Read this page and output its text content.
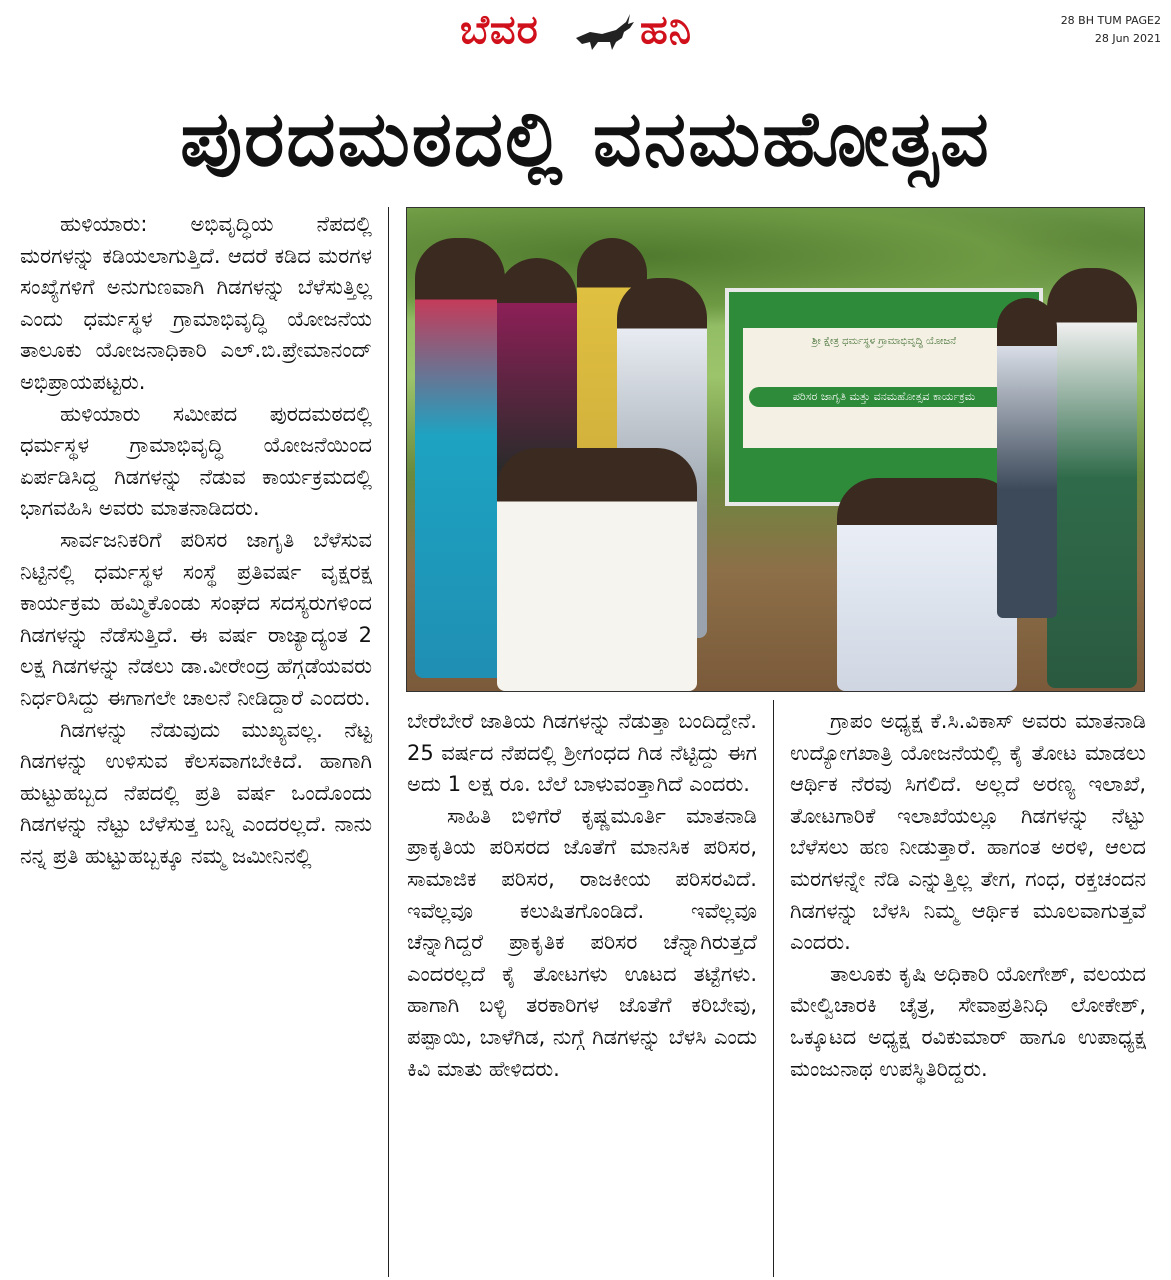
ಬೆವರ	ಹನಿ	28 BH TUM PAGE2
28 Jun 2021
ಪುರದಮಠದಲ್ಲಿ ವನಮಹೋತ್ಸವ

ಹುಳಿಯಾರು: ಅಭಿವೃದ್ಧಿಯ ನೆಪದಲ್ಲಿ ಮರಗಳನ್ನು ಕಡಿಯಲಾಗುತ್ತಿದೆ. ಆದರೆ ಕಡಿದ ಮರಗಳ ಸಂಖ್ಯೆಗಳಿಗೆ ಅನುಗುಣವಾಗಿ ಗಿಡಗಳನ್ನು ಬೆಳೆಸುತ್ತಿಲ್ಲ ಎಂದು ಧರ್ಮಸ್ಥಳ ಗ್ರಾಮಾಭಿವೃದ್ಧಿ ಯೋಜನೆಯ ತಾಲೂಕು ಯೋಜನಾಧಿಕಾರಿ ಎಲ್.ಬಿ.ಪ್ರೇಮಾನಂದ್ ಅಭಿಪ್ರಾಯಪಟ್ಟರು.

ಹುಳಿಯಾರು ಸಮೀಪದ ಪುರದಮಠದಲ್ಲಿ ಧರ್ಮಸ್ಥಳ ಗ್ರಾಮಾಭಿವೃದ್ಧಿ ಯೋಜನೆಯಿಂದ ಏರ್ಪಡಿಸಿದ್ದ ಗಿಡಗಳನ್ನು ನೆಡುವ ಕಾರ್ಯಕ್ರಮದಲ್ಲಿ ಭಾಗವಹಿಸಿ ಅವರು ಮಾತನಾಡಿದರು.

ಸಾರ್ವಜನಿಕರಿಗೆ ಪರಿಸರ ಜಾಗೃತಿ ಬೆಳೆಸುವ ನಿಟ್ಟಿನಲ್ಲಿ ಧರ್ಮಸ್ಥಳ ಸಂಸ್ಥೆ ಪ್ರತಿವರ್ಷ ವೃಕ್ಷರಕ್ಷ ಕಾರ್ಯಕ್ರಮ ಹಮ್ಮಿಕೊಂಡು ಸಂಘದ ಸದಸ್ಯರುಗಳಿಂದ ಗಿಡಗಳನ್ನು ನೆಡೆಸುತ್ತಿದೆ. ಈ ವರ್ಷ ರಾಜ್ಯಾದ್ಯಂತ 2 ಲಕ್ಷ ಗಿಡಗಳನ್ನು ನೆಡಲು ಡಾ.ವೀರೇಂದ್ರ ಹೆಗ್ಗಡೆಯವರು ನಿರ್ಧರಿಸಿದ್ದು ಈಗಾಗಲೇ ಚಾಲನೆ ನೀಡಿದ್ದಾರೆ ಎಂದರು.

ಗಿಡಗಳನ್ನು ನೆಡುವುದು ಮುಖ್ಯವಲ್ಲ. ನೆಟ್ಟ ಗಿಡಗಳನ್ನು ಉಳಿಸುವ ಕೆಲಸವಾಗಬೇಕಿದೆ. ಹಾಗಾಗಿ ಹುಟ್ಟುಹಬ್ಬದ ನೆಪದಲ್ಲಿ ಪ್ರತಿ ವರ್ಷ ಒಂದೊಂದು ಗಿಡಗಳನ್ನು ನೆಟ್ಟು ಬೆಳೆಸುತ್ತ ಬನ್ನಿ ಎಂದರಲ್ಲದೆ. ನಾನು ನನ್ನ ಪ್ರತಿ ಹುಟ್ಟುಹಬ್ಬಕ್ಕೂ ನಮ್ಮ ಜಮೀನಿನಲ್ಲಿ

ಶ್ರೀ ಕ್ಷೇತ್ರ ಧರ್ಮಸ್ಥಳ ಗ್ರಾಮಾಭಿವೃದ್ಧಿ ಯೋಜನೆ
ಪರಿಸರ ಜಾಗೃತಿ ಮತ್ತು ವನಮಹೋತ್ಸವ ಕಾರ್ಯಕ್ರಮ

ಬೇರೆಬೇರೆ ಜಾತಿಯ ಗಿಡಗಳನ್ನು ನೆಡುತ್ತಾ ಬಂದಿದ್ದೇನೆ. 25 ವರ್ಷದ ನೆಪದಲ್ಲಿ ಶ್ರೀಗಂಧದ ಗಿಡ ನೆಟ್ಟಿದ್ದು ಈಗ ಅದು 1 ಲಕ್ಷ ರೂ. ಬೆಲೆ ಬಾಳುವಂತ್ತಾಗಿದೆ ಎಂದರು.

ಸಾಹಿತಿ ಬಿಳಿಗೆರೆ ಕೃಷ್ಣಮೂರ್ತಿ ಮಾತನಾಡಿ ಪ್ರಾಕೃತಿಯ ಪರಿಸರದ ಜೊತೆಗೆ ಮಾನಸಿಕ ಪರಿಸರ, ಸಾಮಾಜಿಕ ಪರಿಸರ, ರಾಜಕೀಯ ಪರಿಸರವಿದೆ. ಇವೆಲ್ಲವೂ ಕಲುಷಿತಗೊಂಡಿದೆ. ಇವೆಲ್ಲವೂ ಚೆನ್ನಾಗಿದ್ದರೆ ಪ್ರಾಕೃತಿಕ ಪರಿಸರ ಚೆನ್ನಾಗಿರುತ್ತದೆ ಎಂದರಲ್ಲದೆ ಕೈ ತೋಟಗಳು ಊಟದ ತಟ್ಟೆಗಳು. ಹಾಗಾಗಿ ಬಳ್ಳಿ ತರಕಾರಿಗಳ ಜೊತೆಗೆ ಕರಿಬೇವು, ಪಪ್ಪಾಯಿ, ಬಾಳೆಗಿಡ, ನುಗ್ಗೆ ಗಿಡಗಳನ್ನು ಬೆಳಸಿ ಎಂದು ಕಿವಿ ಮಾತು ಹೇಳಿದರು.

ಗ್ರಾಪಂ ಅಧ್ಯಕ್ಷ ಕೆ.ಸಿ.ವಿಕಾಸ್ ಅವರು ಮಾತನಾಡಿ ಉದ್ಯೋಗಖಾತ್ರಿ ಯೋಜನೆಯಲ್ಲಿ ಕೈ ತೋಟ ಮಾಡಲು ಆರ್ಥಿಕ ನೆರವು ಸಿಗಲಿದೆ. ಅಲ್ಲದೆ ಅರಣ್ಯ ಇಲಾಖೆ, ತೋಟಗಾರಿಕೆ ಇಲಾಖೆಯಲ್ಲೂ ಗಿಡಗಳನ್ನು ನೆಟ್ಟು ಬೆಳೆಸಲು ಹಣ ನೀಡುತ್ತಾರೆ. ಹಾಗಂತ ಅರಳಿ, ಆಲದ ಮರಗಳನ್ನೇ ನೆಡಿ ಎನ್ನುತ್ತಿಲ್ಲ ತೇಗ, ಗಂಧ, ರಕ್ತಚಂದನ ಗಿಡಗಳನ್ನು ಬೆಳಸಿ ನಿಮ್ಮ ಆರ್ಥಿಕ ಮೂಲವಾಗುತ್ತವೆ ಎಂದರು.

ತಾಲೂಕು ಕೃಷಿ ಅಧಿಕಾರಿ ಯೋಗೇಶ್, ವಲಯದ ಮೇಲ್ವಿಚಾರಕಿ ಚೈತ್ರ, ಸೇವಾಪ್ರತಿನಿಧಿ ಲೋಕೇಶ್, ಒಕ್ಕೂಟದ ಅಧ್ಯಕ್ಷ ರವಿಕುಮಾರ್ ಹಾಗೂ ಉಪಾಧ್ಯಕ್ಷ ಮಂಜುನಾಥ ಉಪಸ್ಥಿತಿರಿದ್ದರು.
